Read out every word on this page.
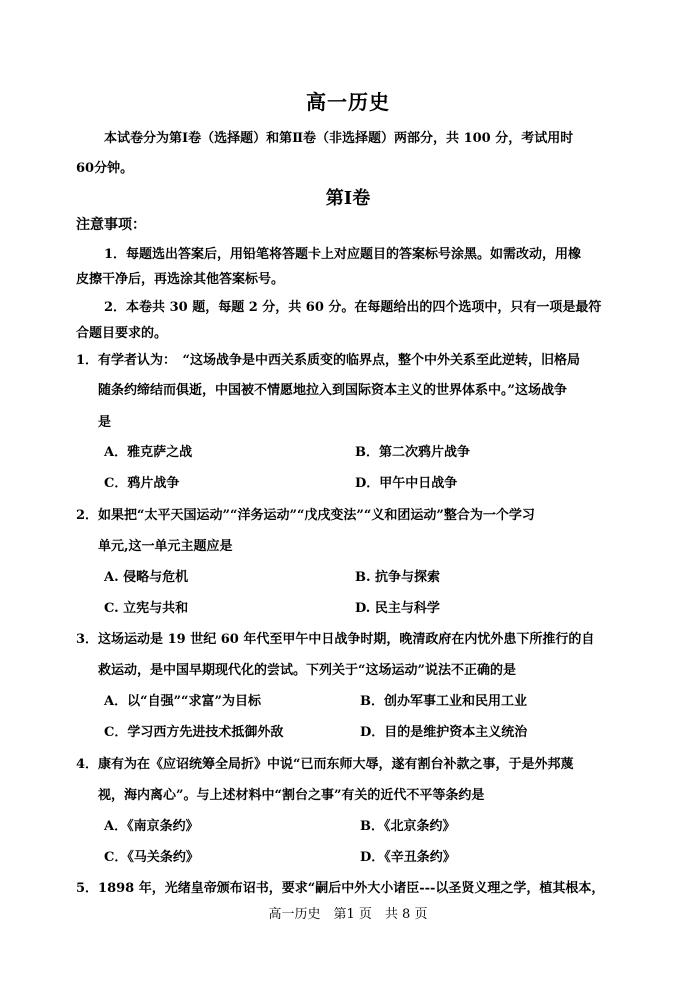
高一历史
本试卷分为第Ⅰ卷（选择题）和第Ⅱ卷（非选择题）两部分，共 100 分，考试用时
60分钟。
第Ⅰ卷
注意事项：
1．每题选出答案后，用铅笔将答题卡上对应题目的答案标号涂黑。如需改动，用橡
皮擦干净后，再选涂其他答案标号。
2．本卷共 30 题，每题 2 分，共 60 分。在每题给出的四个选项中，只有一项是最符
合题目要求的。
1．有学者认为：　“这场战争是中西关系质变的临界点，整个中外关系至此逆转，旧格局
随条约缔结而俱逝，中国被不情愿地拉入到国际资本主义的世界体系中。”这场战争
是
A．雅克萨之战	B．第二次鸦片战争
C．鸦片战争	D．甲午中日战争
2．如果把“太平天国运动”“洋务运动”“戊戌变法”“义和团运动”整合为一个学习
单元,这一单元主题应是
A. 侵略与危机	B. 抗争与探索
C. 立宪与共和	D. 民主与科学
3．这场运动是 19 世纪 60 年代至甲午中日战争时期，晚清政府在内忧外患下所推行的自
救运动，是中国早期现代化的尝试。下列关于“这场运动”说法不正确的是
A．以“自强”“求富”为目标	B．创办军事工业和民用工业
C．学习西方先进技术抵御外敌	D．目的是维护资本主义统治
4．康有为在《应诏统筹全局折》中说“已而东师大辱，遂有割台补款之事，于是外邦蔑
视，海内离心”。与上述材料中“割台之事”有关的近代不平等条约是
A．《南京条约》	B．《北京条约》
C．《马关条约》	D．《辛丑条约》
5．1898 年，光绪皇帝颁布诏书，要求“嗣后中外大小诸臣---以圣贤义理之学，植其根本，
高一历史　第1 页　共 8 页
